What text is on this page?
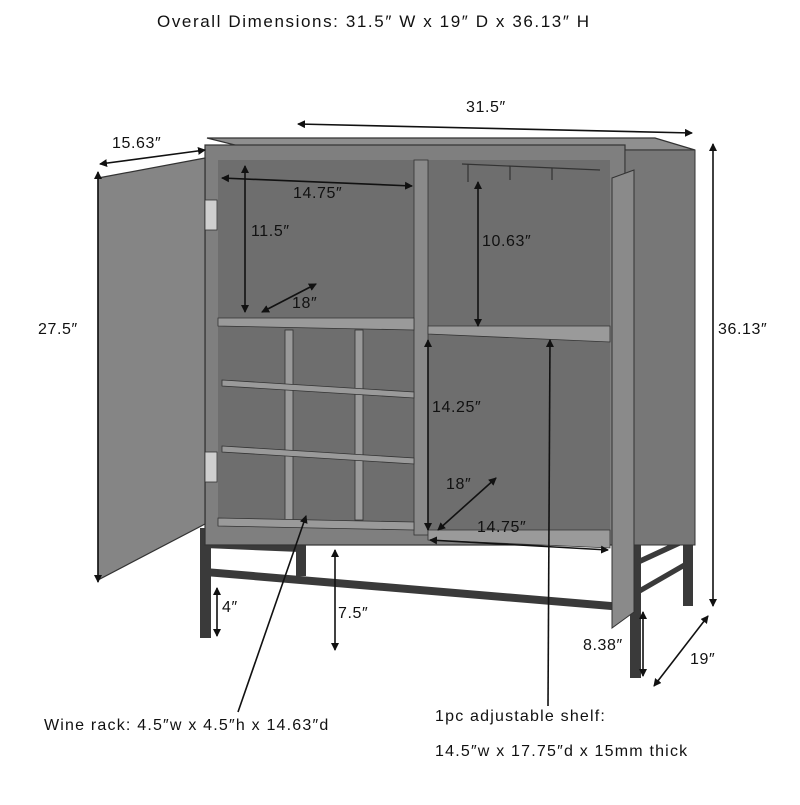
Overall Dimensions: 31.5″ W x 19″ D x 36.13″ H
31.5″
15.63″
27.5″	36.13″
14.75″
11.5″
18″
10.63″
14.25″
18″
14.75″
4″	7.5″
8.38″
19″
Wine rack: 4.5″w x 4.5″h x 14.63″d
1pc adjustable shelf:
14.5″w x 17.75″d x 15mm thick
